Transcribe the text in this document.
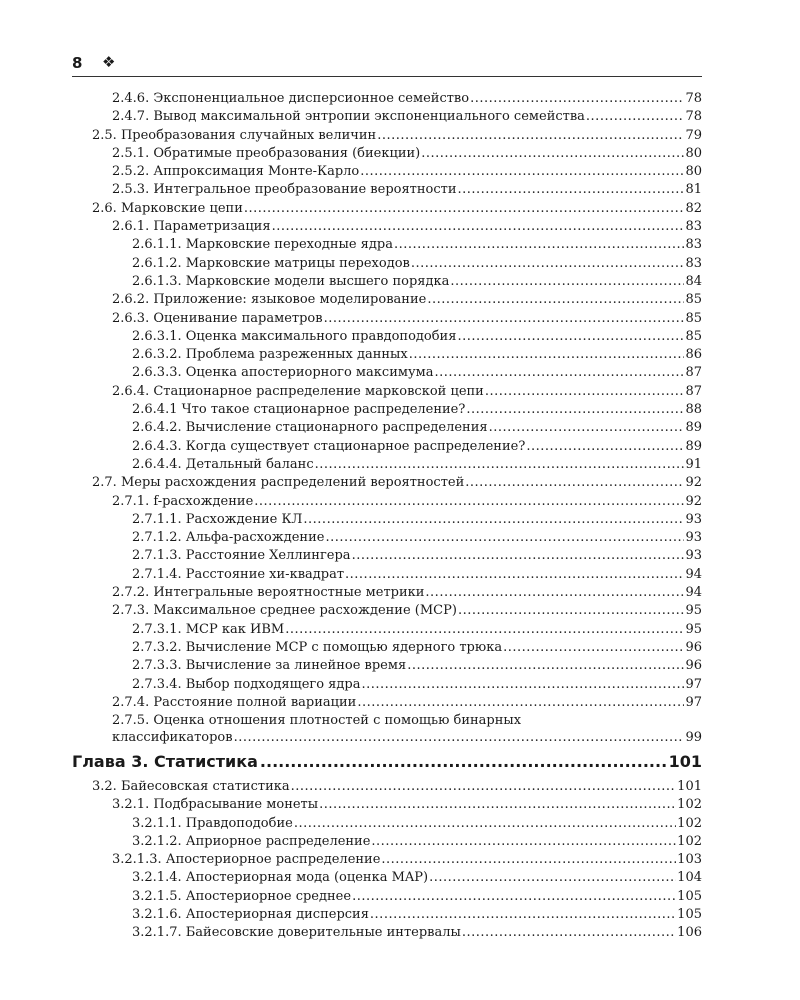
8 ❖
2.4.6. Экспоненциальное дисперсионное семейство .....	78
2.4.7. Вывод максимальной энтропии экспоненциального семейства .....	78
2.5. Преобразования случайных величин .....	79
2.5.1. Обратимые преобразования (биекции) .....	80
2.5.2. Аппроксимация Монте-Карло .....	80
2.5.3. Интегральное преобразование вероятности .....	81
2.6. Марковские цепи .....	82
2.6.1. Параметризация .....	83
2.6.1.1. Марковские переходные ядра .....	83
2.6.1.2. Марковские матрицы переходов .....	83
2.6.1.3. Марковские модели высшего порядка .....	84
2.6.2. Приложение: языковое моделирование .....	85
2.6.3. Оценивание параметров .....	85
2.6.3.1. Оценка максимального правдоподобия .....	85
2.6.3.2. Проблема разреженных данных .....	86
2.6.3.3. Оценка апостериорного максимума .....	87
2.6.4. Стационарное распределение марковской цепи .....	87
2.6.4.1 Что такое стационарное распределение? .....	88
2.6.4.2. Вычисление стационарного распределения .....	89
2.6.4.3. Когда существует стационарное распределение? .....	89
2.6.4.4. Детальный баланс .....	91
2.7. Меры расхождения распределений вероятностей .....	92
2.7.1. f-расхождение .....	92
2.7.1.1. Расхождение КЛ .....	93
2.7.1.2. Альфа-расхождение .....	93
2.7.1.3. Расстояние Хеллингера .....	93
2.7.1.4. Расстояние хи-квадрат .....	94
2.7.2. Интегральные вероятностные метрики .....	94
2.7.3. Максимальное среднее расхождение (МСР) .....	95
2.7.3.1. МСР как ИВМ .....	95
2.7.3.2. Вычисление МСР с помощью ядерного трюка .....	96
2.7.3.3. Вычисление за линейное время .....	96
2.7.3.4. Выбор подходящего ядра .....	97
2.7.4. Расстояние полной вариации .....	97
2.7.5. Оценка отношения плотностей с помощью бинарных
классификаторов .....	99
Глава 3. Статистика .....	101
3.2. Байесовская статистика .....	101
3.2.1. Подбрасывание монеты .....	102
3.2.1.1. Правдоподобие .....	102
3.2.1.2. Априорное распределение .....	102
3.2.1.3. Апостериорное распределение .....	103
3.2.1.4. Апостериорная мода (оценка MAP) .....	104
3.2.1.5. Апостериорное среднее .....	105
3.2.1.6. Апостериорная дисперсия .....	105
3.2.1.7. Байесовские доверительные интервалы .....	106
